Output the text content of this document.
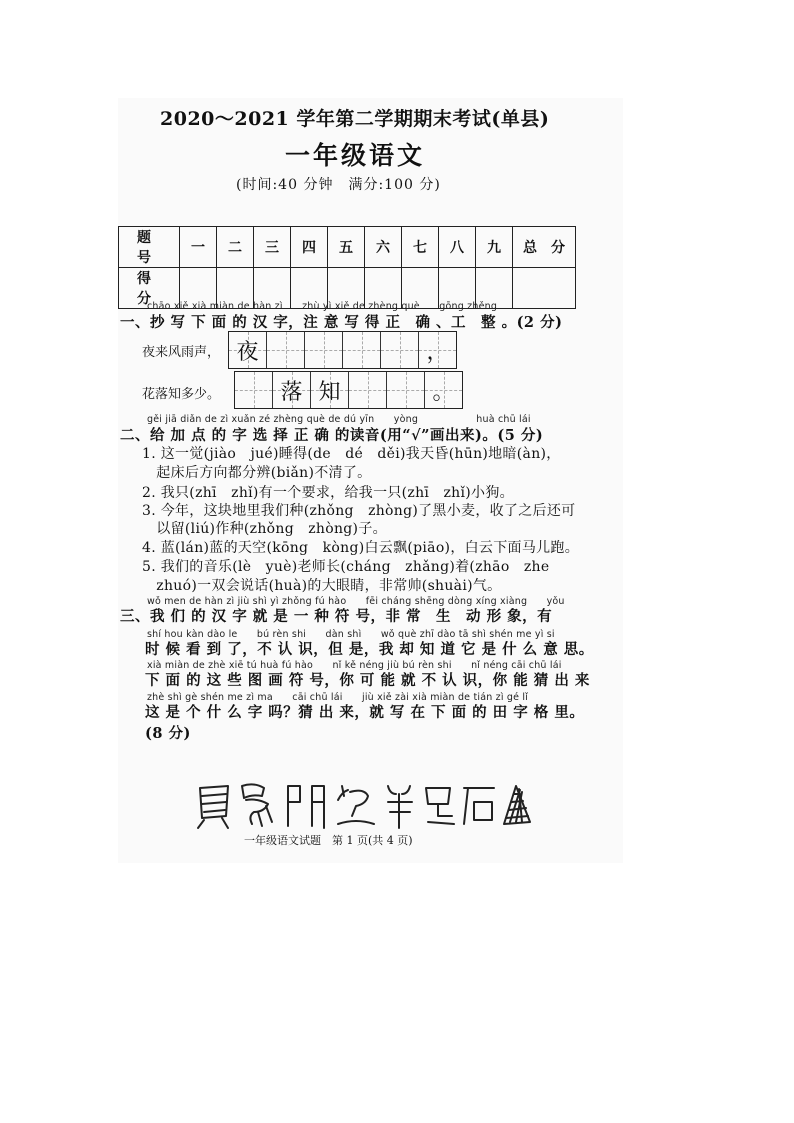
2020～2021 学年第二学期期末考试(单县)
一年级语文
(时间:40 分钟　满分:100 分)
题　号	一	二	三	四	五	六	七	八	九	总　分
得　分										
chāo xiě xià miàn de hàn zì　　zhù yì xiě de zhèng què　　gōng zhěng
一、抄 写 下 面 的 汉 字，注 意 写 得 正　确 、工　整 。(2 分)
夜来风雨声， 夜	，
花落知多少。	落 知	。
gěi jiā diǎn de zì xuǎn zé zhèng què de dú yīn　　yòng　　　　　　huà chū lái
二、给 加 点 的 字 选 择 正 确 的读音(用“√”画出来)。(5 分)
1. 这一觉(jiào　jué)睡得(de　dé　děi)我天昏(hūn)地暗(àn)，
　起床后方向都分辨(biǎn)不清了。
2. 我只(zhī　zhǐ)有一个要求，给我一只(zhī　zhǐ)小狗。
3. 今年，这块地里我们种(zhǒng　zhòng)了黑小麦，收了之后还可
　以留(liú)作种(zhǒng　zhòng)子。
4. 蓝(lán)蓝的天空(kōng　kòng)白云飘(piāo)，白云下面马儿跑。
5. 我们的音乐(lè　yuè)老师长(cháng　zhǎng)着(zhāo　zhe
　zhuó)一双会说话(huà)的大眼睛，非常帅(shuài)气。
wǒ men de hàn zì jiù shì yì zhǒng fú hào　　fēi cháng shēng dòng xíng xiàng　　yǒu
三、我 们 的 汉 字 就 是 一 种 符 号，非 常　生　动 形 象，有
shí hou kàn dào le　　bú rèn shi　　dàn shì　　wǒ què zhī dào tā shì shén me yì si
时 候 看 到 了，不 认 识，但 是，我 却 知 道 它 是 什 么 意 思。
xià miàn de zhè xiē tú huà fú hào　　nǐ kě néng jiù bú rèn shi　　nǐ néng cāi chū lái
下 面 的 这 些 图 画 符 号，你 可 能 就 不 认 识，你 能 猜 出 来
zhè shì gè shén me zì ma　　cāi chū lái　　jiù xiě zài xià miàn de tián zì gé lǐ
这 是 个 什 么 字 吗？猜 出 来，就 写 在 下 面 的 田 字 格 里。
(8 分)
一年级语文试题　第 1 页(共 4 页)
